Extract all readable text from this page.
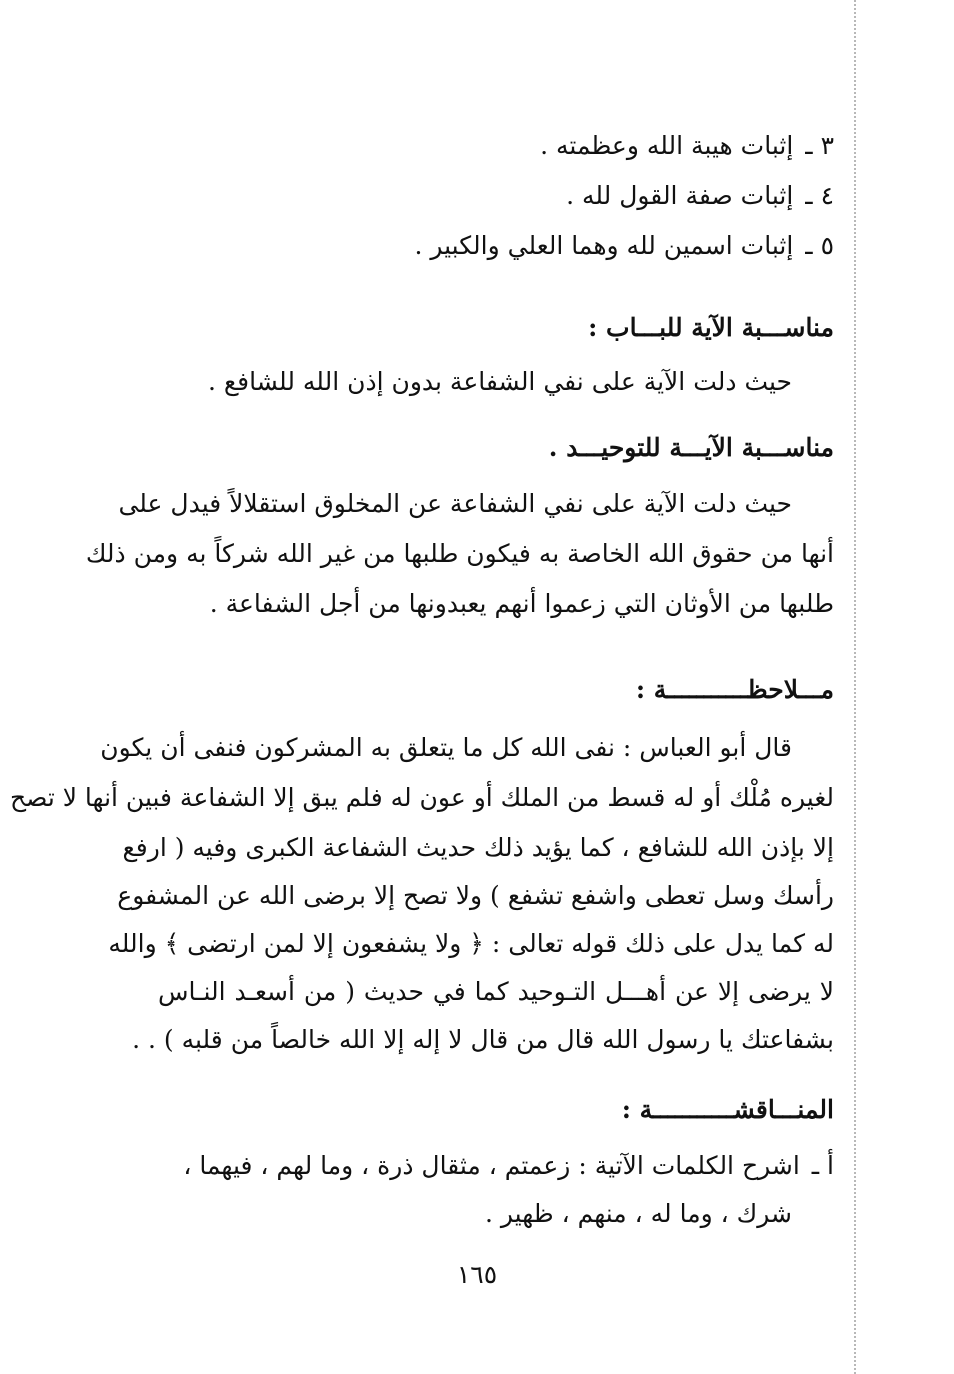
٣ ـإثبات هيبة الله وعظمته .
٤ ـإثبات صفة القول لله .
٥ ـإثبات اسمين لله وهما العلي والكبير .
مناســـبة الآية للبـــاب :
حيث دلت الآية على نفي الشفاعة بدون إذن الله للشافع .
مناســـبة الآيـــة للتوحيـــد .
حيث دلت الآية على نفي الشفاعة عن المخلوق استقلالاً فيدل على
أنها من حقوق الله الخاصة به فيكون طلبها من غير الله شركاً به ومن ذلك
طلبها من الأوثان التي زعموا أنهم يعبدونها من أجل الشفاعة .
مـــلاحظـــــــــــة :
قال أبو العباس : نفى الله كل ما يتعلق به المشركون فنفى أن يكون
لغيره مُلْك أو له قسط من الملك أو عون له فلم يبق إلا الشفاعة فبين أنها لا تصح
إلا بإذن الله للشافع ، كما يؤيد ذلك حديث الشفاعة الكبرى وفيه ( ارفع
رأسك وسل تعطى واشفع تشفع ) ولا تصح إلا برضى الله عن المشفوع
له كما يدل على ذلك قوله تعالى : ﴿ ولا يشفعون إلا لمن ارتضى ﴾ والله
لا يرضى إلا عن أهـــل التـوحيد كما في حديث ( من أسعـد النـاس
بشفاعتك يا رسول الله قال من قال لا إله إلا الله خالصاً من قلبه ) . .
المنـــاقشـــــــــــة :
أ ـاشرح الكلمات الآتية : زعمتم ، مثقال ذرة ، وما لهم ، فيهما ،
شرك ، وما له ، منهم ، ظهير .
١٦٥
